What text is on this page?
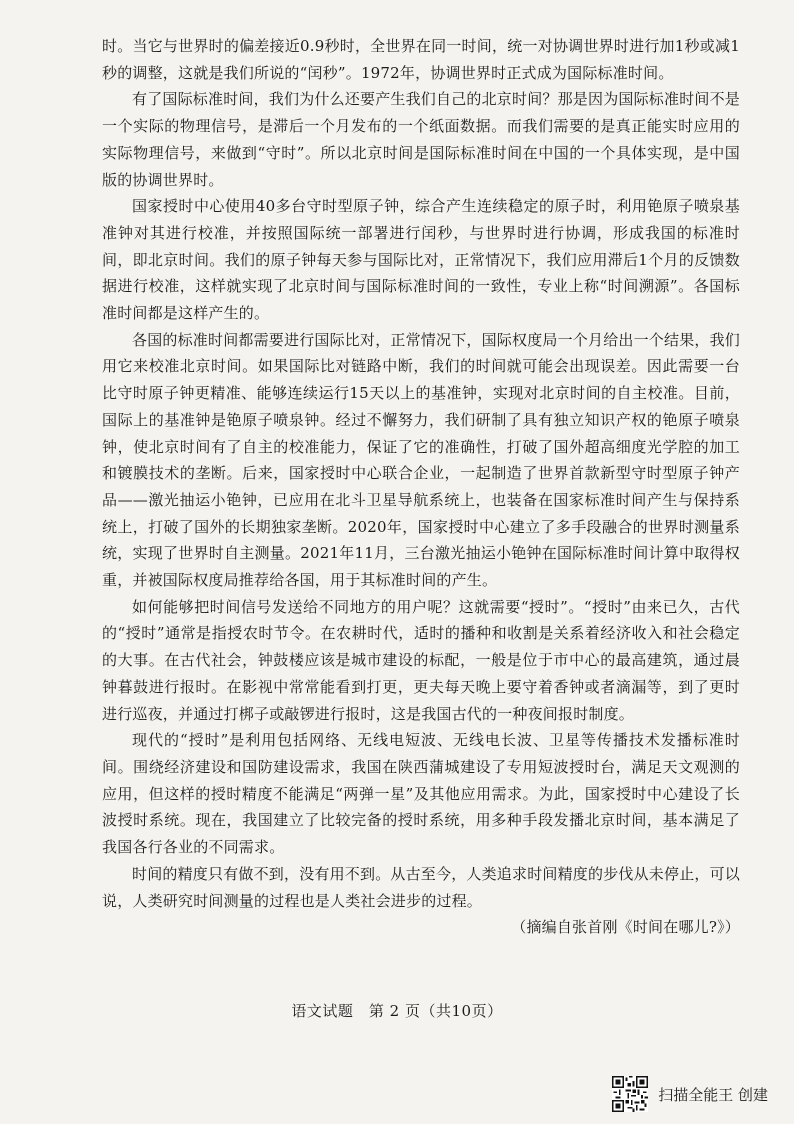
时。当它与世界时的偏差接近0.9秒时，全世界在同一时间，统一对协调世界时进行加1秒或减1秒的调整，这就是我们所说的“闰秒”。1972年，协调世界时正式成为国际标准时间。

有了国际标准时间，我们为什么还要产生我们自己的北京时间？那是因为国际标准时间不是一个实际的物理信号，是滞后一个月发布的一个纸面数据。而我们需要的是真正能实时应用的实际物理信号，来做到“守时”。所以北京时间是国际标准时间在中国的一个具体实现，是中国版的协调世界时。

国家授时中心使用40多台守时型原子钟，综合产生连续稳定的原子时，利用铯原子喷泉基准钟对其进行校准，并按照国际统一部署进行闰秒，与世界时进行协调，形成我国的标准时间，即北京时间。我们的原子钟每天参与国际比对，正常情况下，我们应用滞后1个月的反馈数据进行校准，这样就实现了北京时间与国际标准时间的一致性，专业上称“时间溯源”。各国标准时间都是这样产生的。

各国的标准时间都需要进行国际比对，正常情况下，国际权度局一个月给出一个结果，我们用它来校准北京时间。如果国际比对链路中断，我们的时间就可能会出现误差。因此需要一台比守时原子钟更精准、能够连续运行15天以上的基准钟，实现对北京时间的自主校准。目前，国际上的基准钟是铯原子喷泉钟。经过不懈努力，我们研制了具有独立知识产权的铯原子喷泉钟，使北京时间有了自主的校准能力，保证了它的准确性，打破了国外超高细度光学腔的加工和镀膜技术的垄断。后来，国家授时中心联合企业，一起制造了世界首款新型守时型原子钟产品——激光抽运小铯钟，已应用在北斗卫星导航系统上，也装备在国家标准时间产生与保持系统上，打破了国外的长期独家垄断。2020年，国家授时中心建立了多手段融合的世界时测量系统，实现了世界时自主测量。2021年11月，三台激光抽运小铯钟在国际标准时间计算中取得权重，并被国际权度局推荐给各国，用于其标准时间的产生。

如何能够把时间信号发送给不同地方的用户呢？这就需要“授时”。“授时”由来已久，古代的“授时”通常是指授农时节令。在农耕时代，适时的播种和收割是关系着经济收入和社会稳定的大事。在古代社会，钟鼓楼应该是城市建设的标配，一般是位于市中心的最高建筑，通过晨钟暮鼓进行报时。在影视中常常能看到打更，更夫每天晚上要守着香钟或者滴漏等，到了更时进行巡夜，并通过打梆子或敲锣进行报时，这是我国古代的一种夜间报时制度。

现代的“授时”是利用包括网络、无线电短波、无线电长波、卫星等传播技术发播标准时间。围绕经济建设和国防建设需求，我国在陕西蒲城建设了专用短波授时台，满足天文观测的应用，但这样的授时精度不能满足“两弹一星”及其他应用需求。为此，国家授时中心建设了长波授时系统。现在，我国建立了比较完备的授时系统，用多种手段发播北京时间，基本满足了我国各行各业的不同需求。

时间的精度只有做不到，没有用不到。从古至今，人类追求时间精度的步伐从未停止，可以说，人类研究时间测量的过程也是人类社会进步的过程。

（摘编自张首刚《时间在哪儿?》）

语文试题　第 2 页（共10页）
扫描全能王 创建
